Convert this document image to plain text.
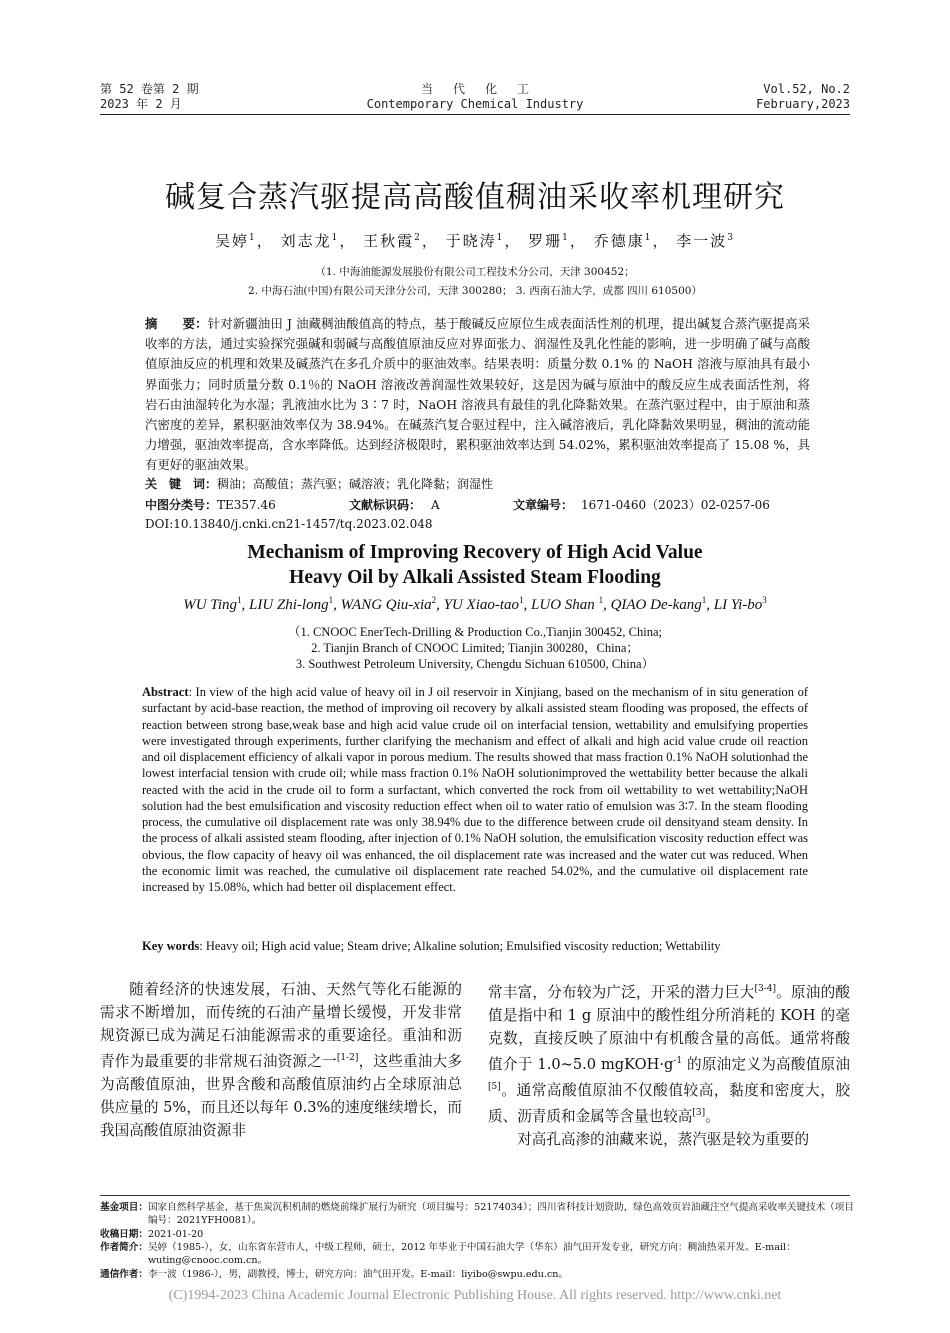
第 52 卷第 2 期
2023 年 2 月
当代化工
Contemporary Chemical Industry
Vol.52, No.2
February,2023
碱复合蒸汽驱提高高酸值稠油采收率机理研究
吴婷$^1$， 刘志龙$^1$， 王秋霞$^2$， 于晓涛$^1$， 罗珊$^1$， 乔德康$^1$， 李一波$^3$
（1. 中海油能源发展股份有限公司工程技术分公司，天津 300452；
2. 中海石油(中国)有限公司天津分公司，天津 300280； 3. 西南石油大学，成都 四川 610500）
摘　　要：针对新疆油田 J 油藏稠油酸值高的特点，基于酸碱反应原位生成表面活性剂的机理，提出碱复合蒸汽驱提高采收率的方法，通过实验探究强碱和弱碱与高酸值原油反应对界面张力、润湿性及乳化性能的影响，进一步明确了碱与高酸值原油反应的机理和效果及碱蒸汽在多孔介质中的驱油效率。结果表明：质量分数 0.1% 的 NaOH 溶液与原油具有最小界面张力；同时质量分数 0.1％的 NaOH 溶液改善润湿性效果较好，这是因为碱与原油中的酸反应生成表面活性剂，将岩石由油湿转化为水湿；乳液油水比为 3∶7 时，NaOH 溶液具有最佳的乳化降黏效果。在蒸汽驱过程中，由于原油和蒸汽密度的差异，累积驱油效率仅为 38.94%。在碱蒸汽复合驱过程中，注入碱溶液后，乳化降黏效果明显，稠油的流动能力增强，驱油效率提高，含水率降低。达到经济极限时，累积驱油效率达到 54.02%，累积驱油效率提高了 15.08 %，具有更好的驱油效果。
关　键　词：稠油；高酸值；蒸汽驱；碱溶液；乳化降黏；润湿性
中图分类号：TE357.46	文献标识码： A	文章编号： 1671-0460（2023）02-0257-06
DOI:10.13840/j.cnki.cn21-1457/tq.2023.02.048
Mechanism of Improving Recovery of High Acid Value
Heavy Oil by Alkali Assisted Steam Flooding
WU Ting$^1$, LIU Zhi-long$^1$, WANG Qiu-xia$^2$, YU Xiao-tao$^1$, LUO Shan $^1$, QIAO De-kang$^1$, LI $Yi-bo^3$
（1. CNOOC EnerTech-Drilling & Production Co.,Tianjin 300452, China;
2. Tianjin Branch of CNOOC Limited; Tianjin 300280，China；
3. Southwest Petroleum University, Chengdu Sichuan 610500, China）
Abstract: In view of the high acid value of heavy oil in J oil reservoir in Xinjiang, based on the mechanism of in situ generation of surfactant by acid-base reaction, the method of improving oil recovery by alkali assisted steam flooding was proposed, the effects of reaction between strong base,weak base and high acid value crude oil on interfacial tension, wettability and emulsifying properties were investigated through experiments, further clarifying the mechanism and effect of alkali and high acid value crude oil reaction and oil displacement efficiency of alkali vapor in porous medium. The results showed that mass fraction 0.1% NaOH solutionhad the lowest interfacial tension with crude oil; while mass fraction 0.1% NaOH solutionimproved the wettability better because the alkali reacted with the acid in the crude oil to form a surfactant, which converted the rock from oil wettability to wet wettability;NaOH solution had the best emulsification and viscosity reduction effect when oil to water ratio of emulsion was 3∶7. In the steam flooding process, the cumulative oil displacement rate was only 38.94% due to the difference between crude oil densityand steam density. In the process of alkali assisted steam flooding, after injection of 0.1% NaOH solution, the emulsification viscosity reduction effect was obvious, the flow capacity of heavy oil was enhanced, the oil displacement rate was increased and the water cut was reduced. When the economic limit was reached, the cumulative oil displacement rate reached 54.02%, and the cumulative oil displacement rate increased by 15.08%, which had better oil displacement effect.
Key words: Heavy oil; High acid value; Steam drive; Alkaline solution; Emulsified viscosity reduction; Wettability

随着经济的快速发展，石油、天然气等化石能源的需求不断增加，而传统的石油产量增长缓慢，开发非常规资源已成为满足石油能源需求的重要途径。重油和沥青作为最重要的非常规石油资源之一[1-2]，这些重油大多为高酸值原油，世界含酸和高酸值原油约占全球原油总供应量的 5%，而且还以每年 0.3%的速度继续增长，而我国高酸值原油资源非

常丰富，分布较为广泛，开采的潜力巨大[3-4]。原油的酸值是指中和 1 g 原油中的酸性组分所消耗的 KOH 的毫克数，直接反映了原油中有机酸含量的高低。通常将酸值介于 1.0~5.0 $mgKOH\cdot g^{-1}$ 的原油定义为高酸值原油[5]。通常高酸值原油不仅酸值较高，黏度和密度大，胶质、沥青质和金属等含量也较高[3]。

对高孔高渗的油藏来说，蒸汽驱是较为重要的

基金项目： 国家自然科学基金，基于焦炭沉积机制的燃烧前缘扩展行为研究（项目编号：52174034）；四川省科技计划资助，绿色高效页岩油藏注空气提高采收率关键技术（项目编号：2021YFH0081）。
收稿日期：2021-01-20
作者简介： 吴婷（1985-），女，山东省东营市人，中级工程师，硕士，2012 年毕业于中国石油大学（华东）油气田开发专业，研究方向：稠油热采开发。E-mail：wuting@cnooc.com.cn。
通信作者：李一波（1986-），男，副教授，博士，研究方向：油气田开发。E-mail：liyibo@swpu.edu.cn。
(C)1994-2023 China Academic Journal Electronic Publishing House. All rights reserved. http://www.cnki.net
